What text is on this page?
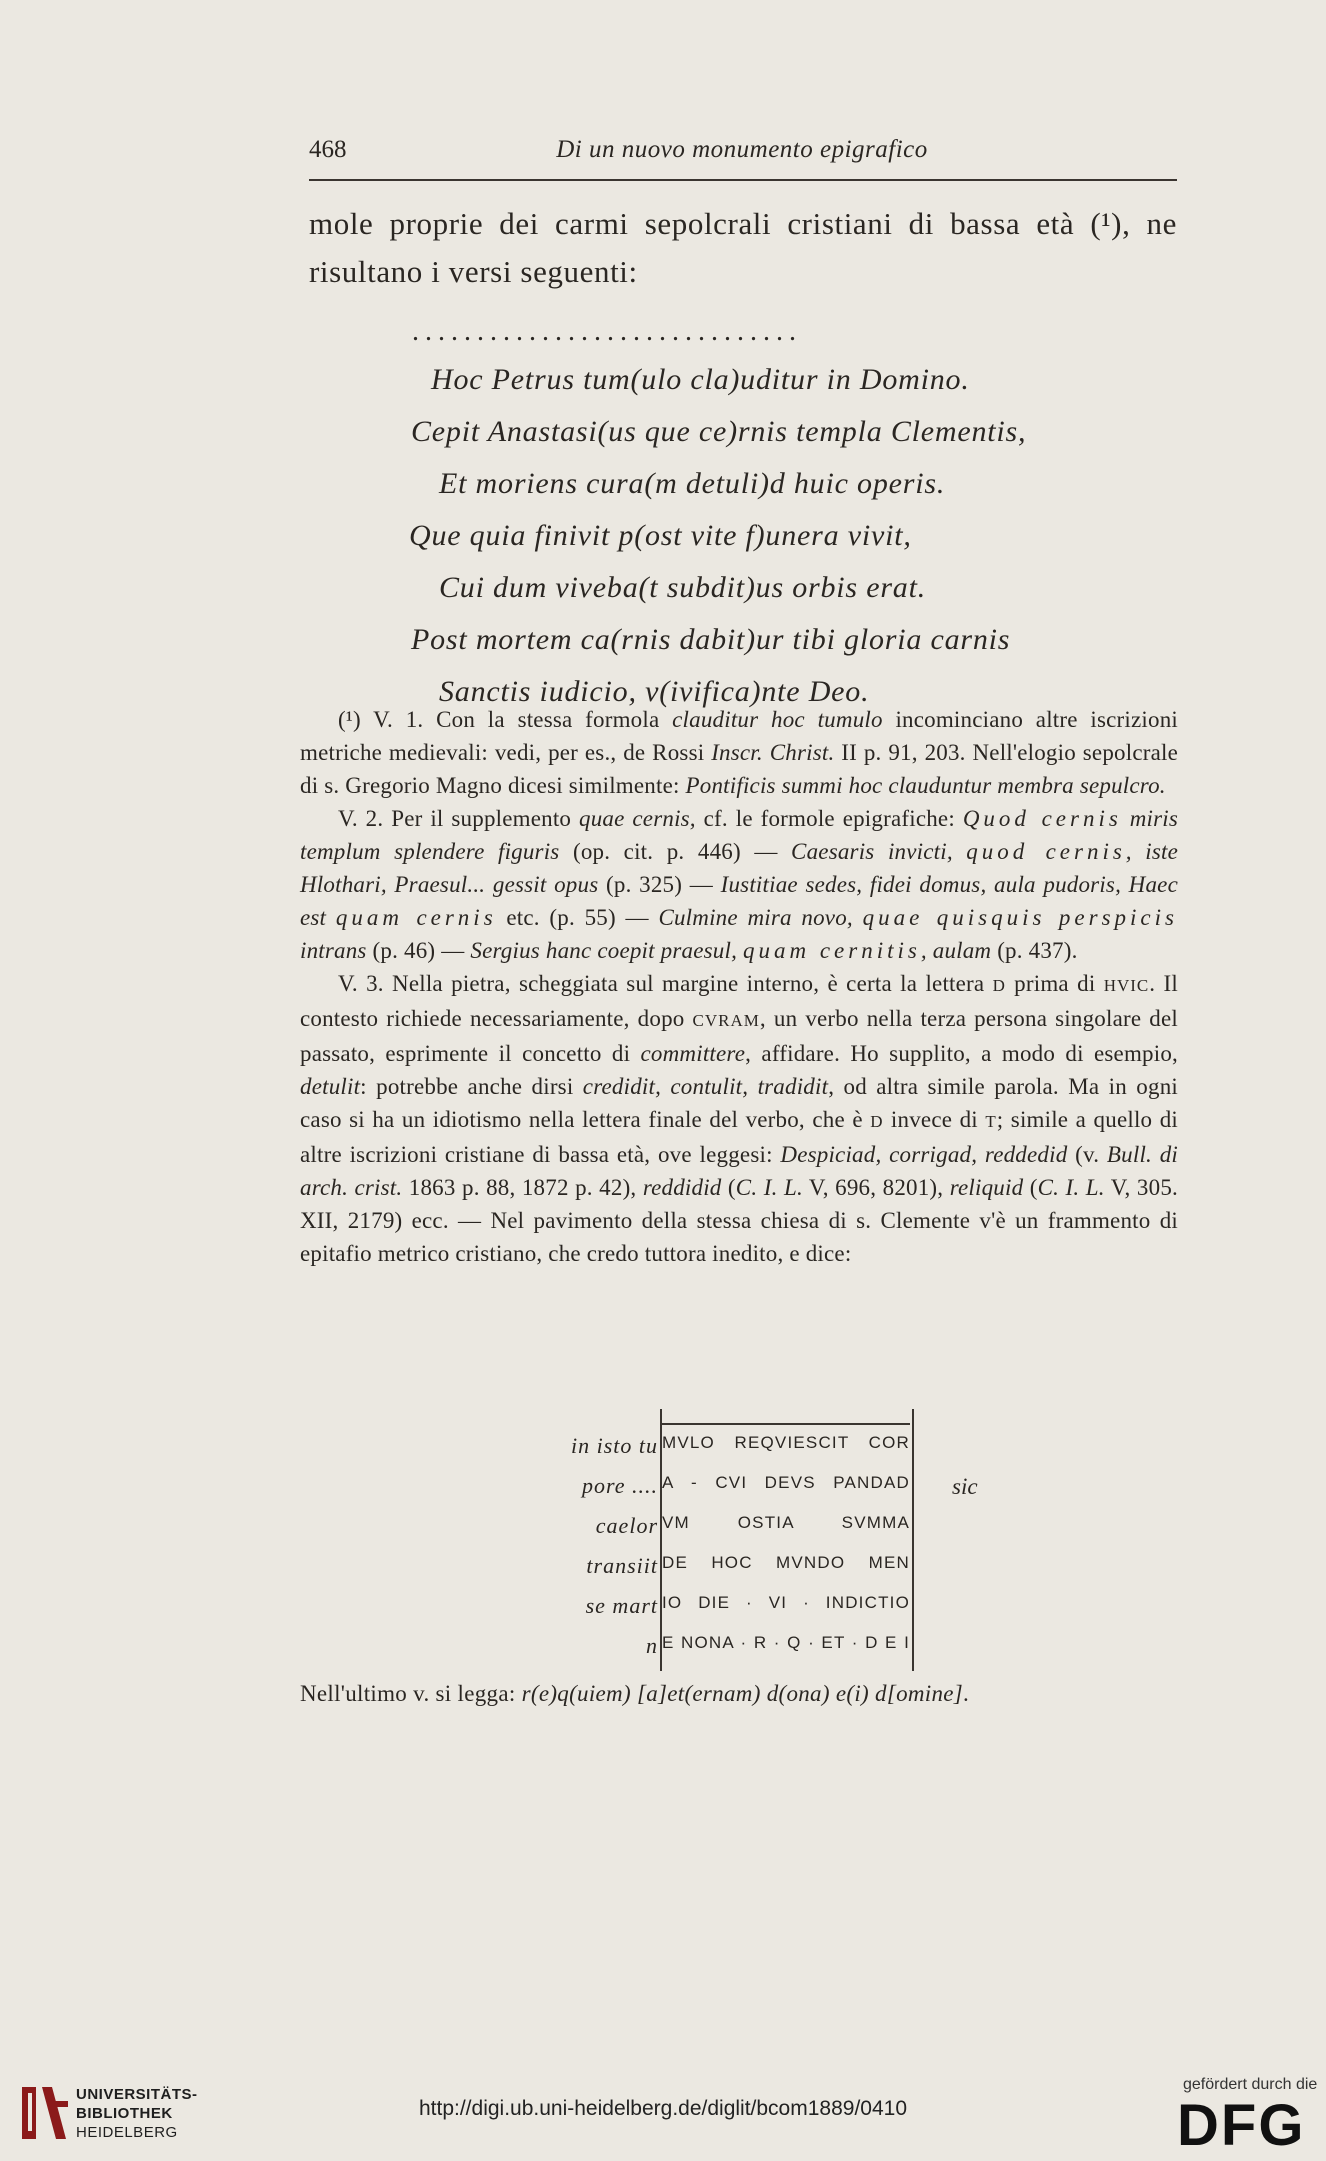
468	Di un nuovo monumento epigrafico
mole proprie dei carmi sepolcrali cristiani di bassa età (¹), ne risultano i versi seguenti:
..............................
Hoc Petrus tum(ulo cla)uditur in Domino.
Cepit Anastasi(us que ce)rnis templa Clementis,
Et moriens cura(m detuli)d huic operis.
Que quia finivit p(ost vite f)unera vivit,
Cui dum viveba(t subdit)us orbis erat.
Post mortem ca(rnis dabit)ur tibi gloria carnis
Sanctis iudicio, v(ivifica)nte Deo.

(¹) V. 1. Con la stessa formola clauditur hoc tumulo incominciano altre iscrizioni metriche medievali: vedi, per es., de Rossi Inscr. Christ. II p. 91, 203. Nell'elogio sepolcrale di s. Gregorio Magno dicesi similmente: Pontificis summi hoc clauduntur membra sepulcro.

V. 2. Per il supplemento quae cernis, cf. le formole epigrafiche: Quod cernis miris templum splendere figuris (op. cit. p. 446) — Caesaris invicti, quod cernis, iste Hlothari, Praesul... gessit opus (p. 325) — Iustitiae sedes, fidei domus, aula pudoris, Haec est quam cernis etc. (p. 55) — Culmine mira novo, quae quisquis perspicis intrans (p. 46) — Sergius hanc coepit praesul, quam cernitis, aulam (p. 437).

V. 3. Nella pietra, scheggiata sul margine interno, è certa la lettera D prima di HVIC. Il contesto richiede necessariamente, dopo CVRAM, un verbo nella terza persona singolare del passato, esprimente il concetto di committere, affidare. Ho supplito, a modo di esempio, detulit: potrebbe anche dirsi credidit, contulit, tradidit, od altra simile parola. Ma in ogni caso si ha un idiotismo nella lettera finale del verbo, che è D invece di T; simile a quello di altre iscrizioni cristiane di bassa età, ove leggesi: Despiciad, corrigad, reddedid (v. Bull. di arch. crist. 1863 p. 88, 1872 p. 42), reddidid (C. I. L. V, 696, 8201), reliquid (C. I. L. V, 305. XII, 2179) ecc. — Nel pavimento della stessa chiesa di s. Clemente v'è un frammento di epitafio metrico cristiano, che credo tuttora inedito, e dice:

in isto tu MVLO REQVIESCIT COR
pore .... A - CVI DEVS PANDAD
caelor VM OSTIA SVMMA
transiit DE HOC MVNDO MEN
se mart IO DIE · VI · INDICTIO
n E NONA · R · Q · ET · D E I
sic
Nell'ultimo v. si legga: r(e)q(uiem) [a]et(ernam) d(ona) e(i) d[omine].
UNIVERSITÄTS-
BIBLIOTHEK
HEIDELBERG
http://digi.ub.uni-heidelberg.de/diglit/bcom1889/0410
gefördert durch die
DFG
